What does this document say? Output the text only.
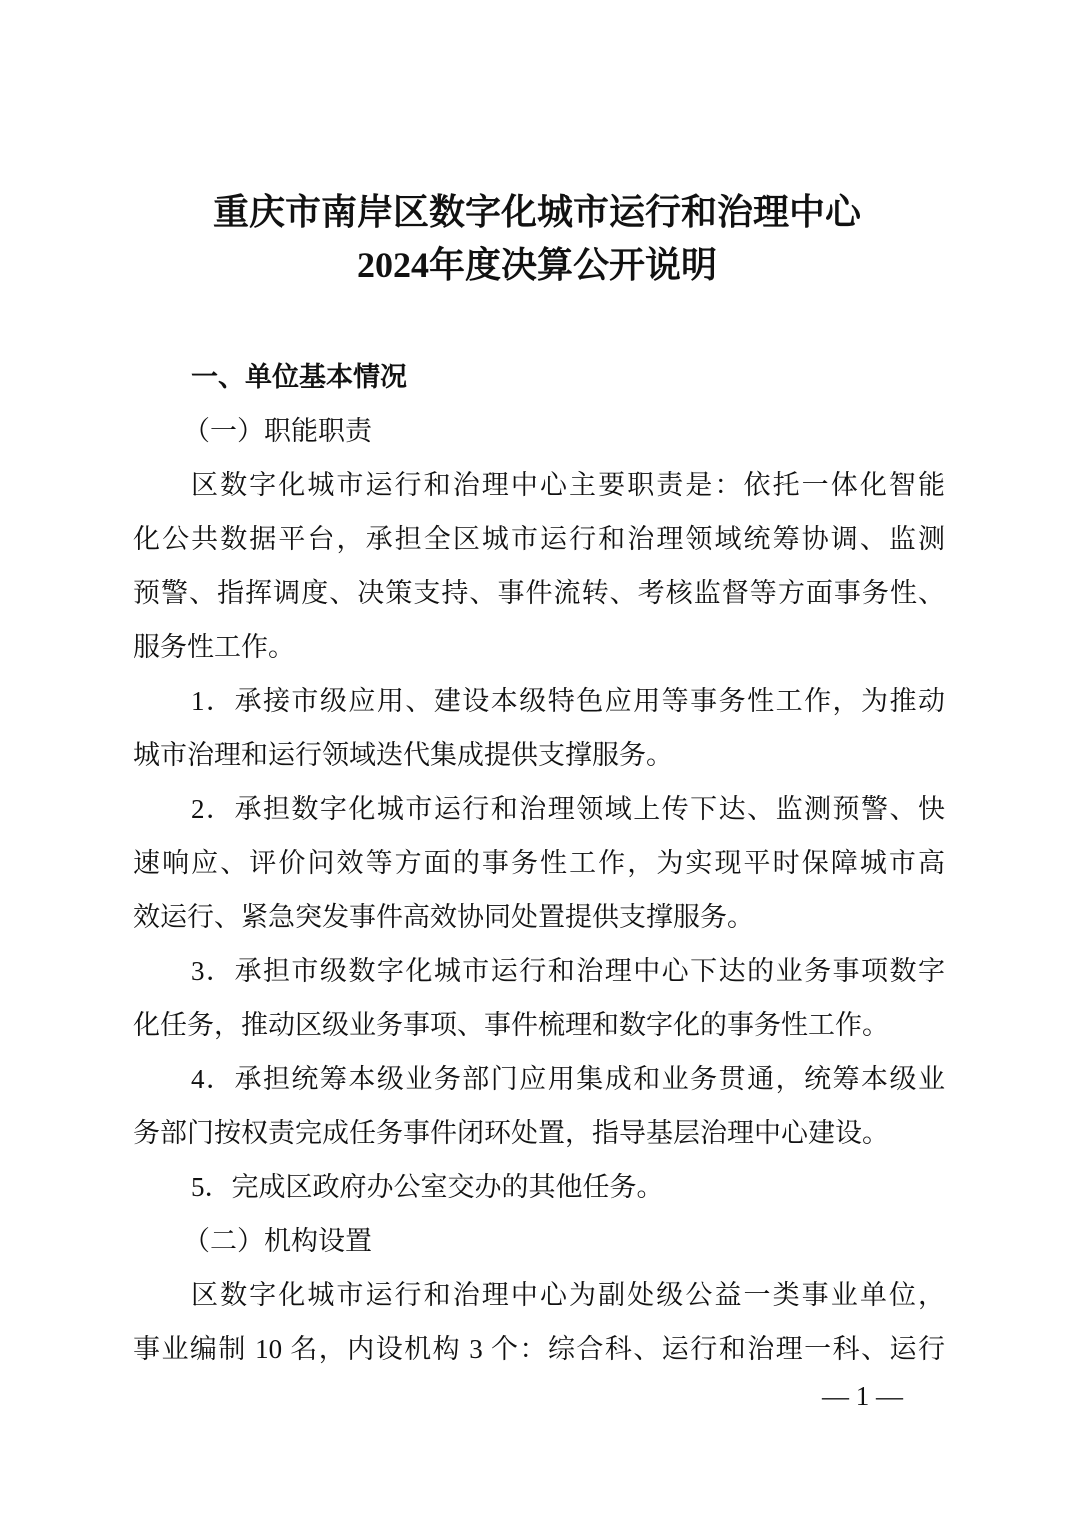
重庆市南岸区数字化城市运行和治理中心
2024年度决算公开说明
一、单位基本情况
（一）职能职责
区数字化城市运行和治理中心主要职责是：依托一体化智能
化公共数据平台，承担全区城市运行和治理领域统筹协调、监测
预警、指挥调度、决策支持、事件流转、考核监督等方面事务性、
服务性工作。
1．承接市级应用、建设本级特色应用等事务性工作，为推动
城市治理和运行领域迭代集成提供支撑服务。
2．承担数字化城市运行和治理领域上传下达、监测预警、快
速响应、评价问效等方面的事务性工作，为实现平时保障城市高
效运行、紧急突发事件高效协同处置提供支撑服务。
3．承担市级数字化城市运行和治理中心下达的业务事项数字
化任务，推动区级业务事项、事件梳理和数字化的事务性工作。
4．承担统筹本级业务部门应用集成和业务贯通，统筹本级业
务部门按权责完成任务事件闭环处置，指导基层治理中心建设。
5．完成区政府办公室交办的其他任务。
（二）机构设置
区数字化城市运行和治理中心为副处级公益一类事业单位，
事业编制 10 名，内设机构 3 个：综合科、运行和治理一科、运行
— 1 —
